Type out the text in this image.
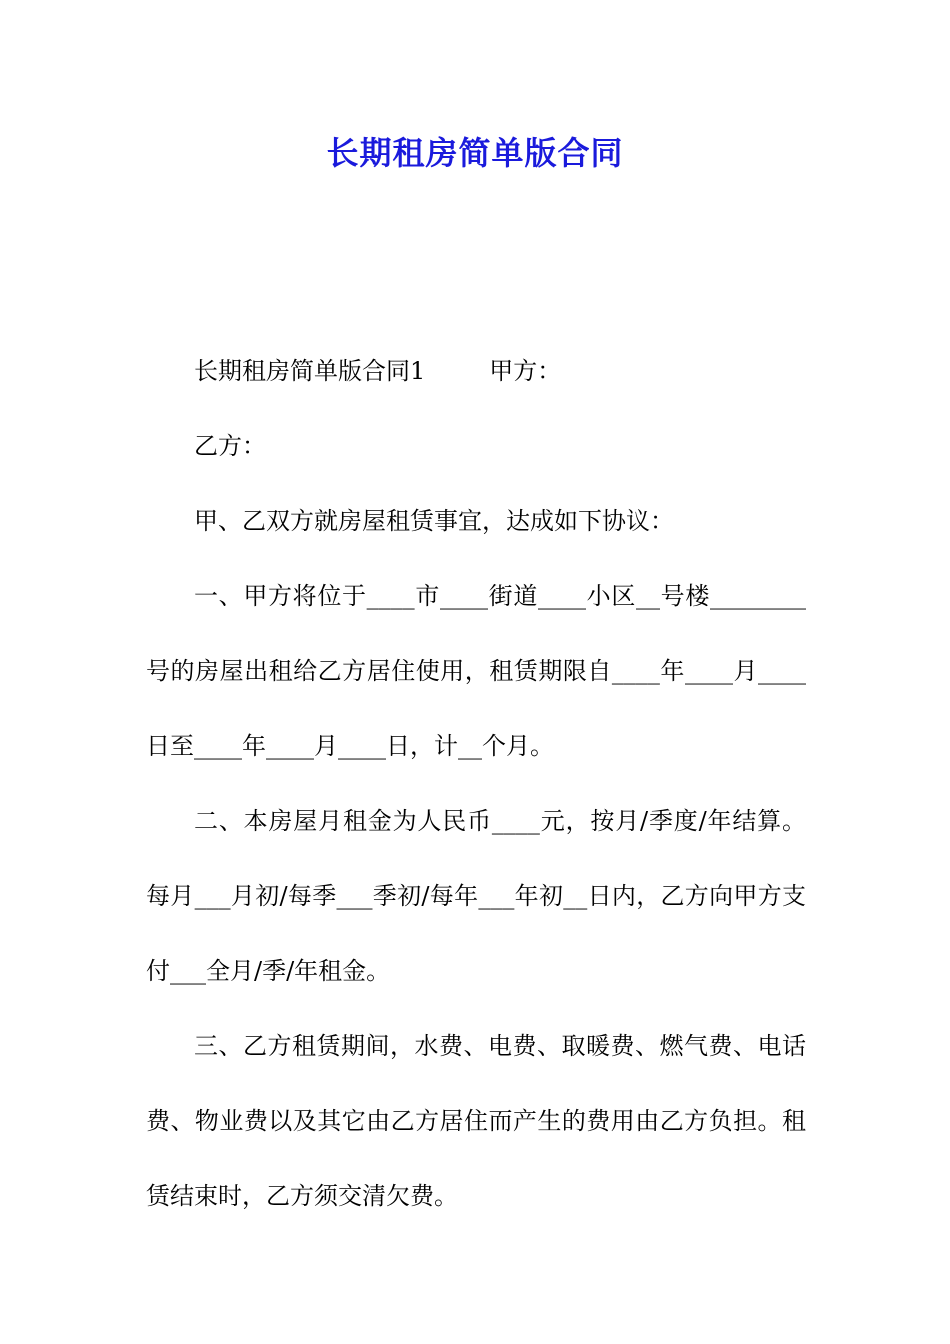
长期租房简单版合同

长期租房简单版合同1	甲方：

乙方：

甲、乙双方就房屋租赁事宜，达成如下协议：

一、甲方将位于____市____街道____小区__号楼________号的房屋出租给乙方居住使用，租赁期限自____年____月____日至____年____月____日，计__个月。

二、本房屋月租金为人民币____元，按月/季度/年结算。每月___月初/每季___季初/每年___年初__日内，乙方向甲方支付___全月/季/年租金。

三、乙方租赁期间，水费、电费、取暖费、燃气费、电话费、物业费以及其它由乙方居住而产生的费用由乙方负担。租赁结束时，乙方须交清欠费。
